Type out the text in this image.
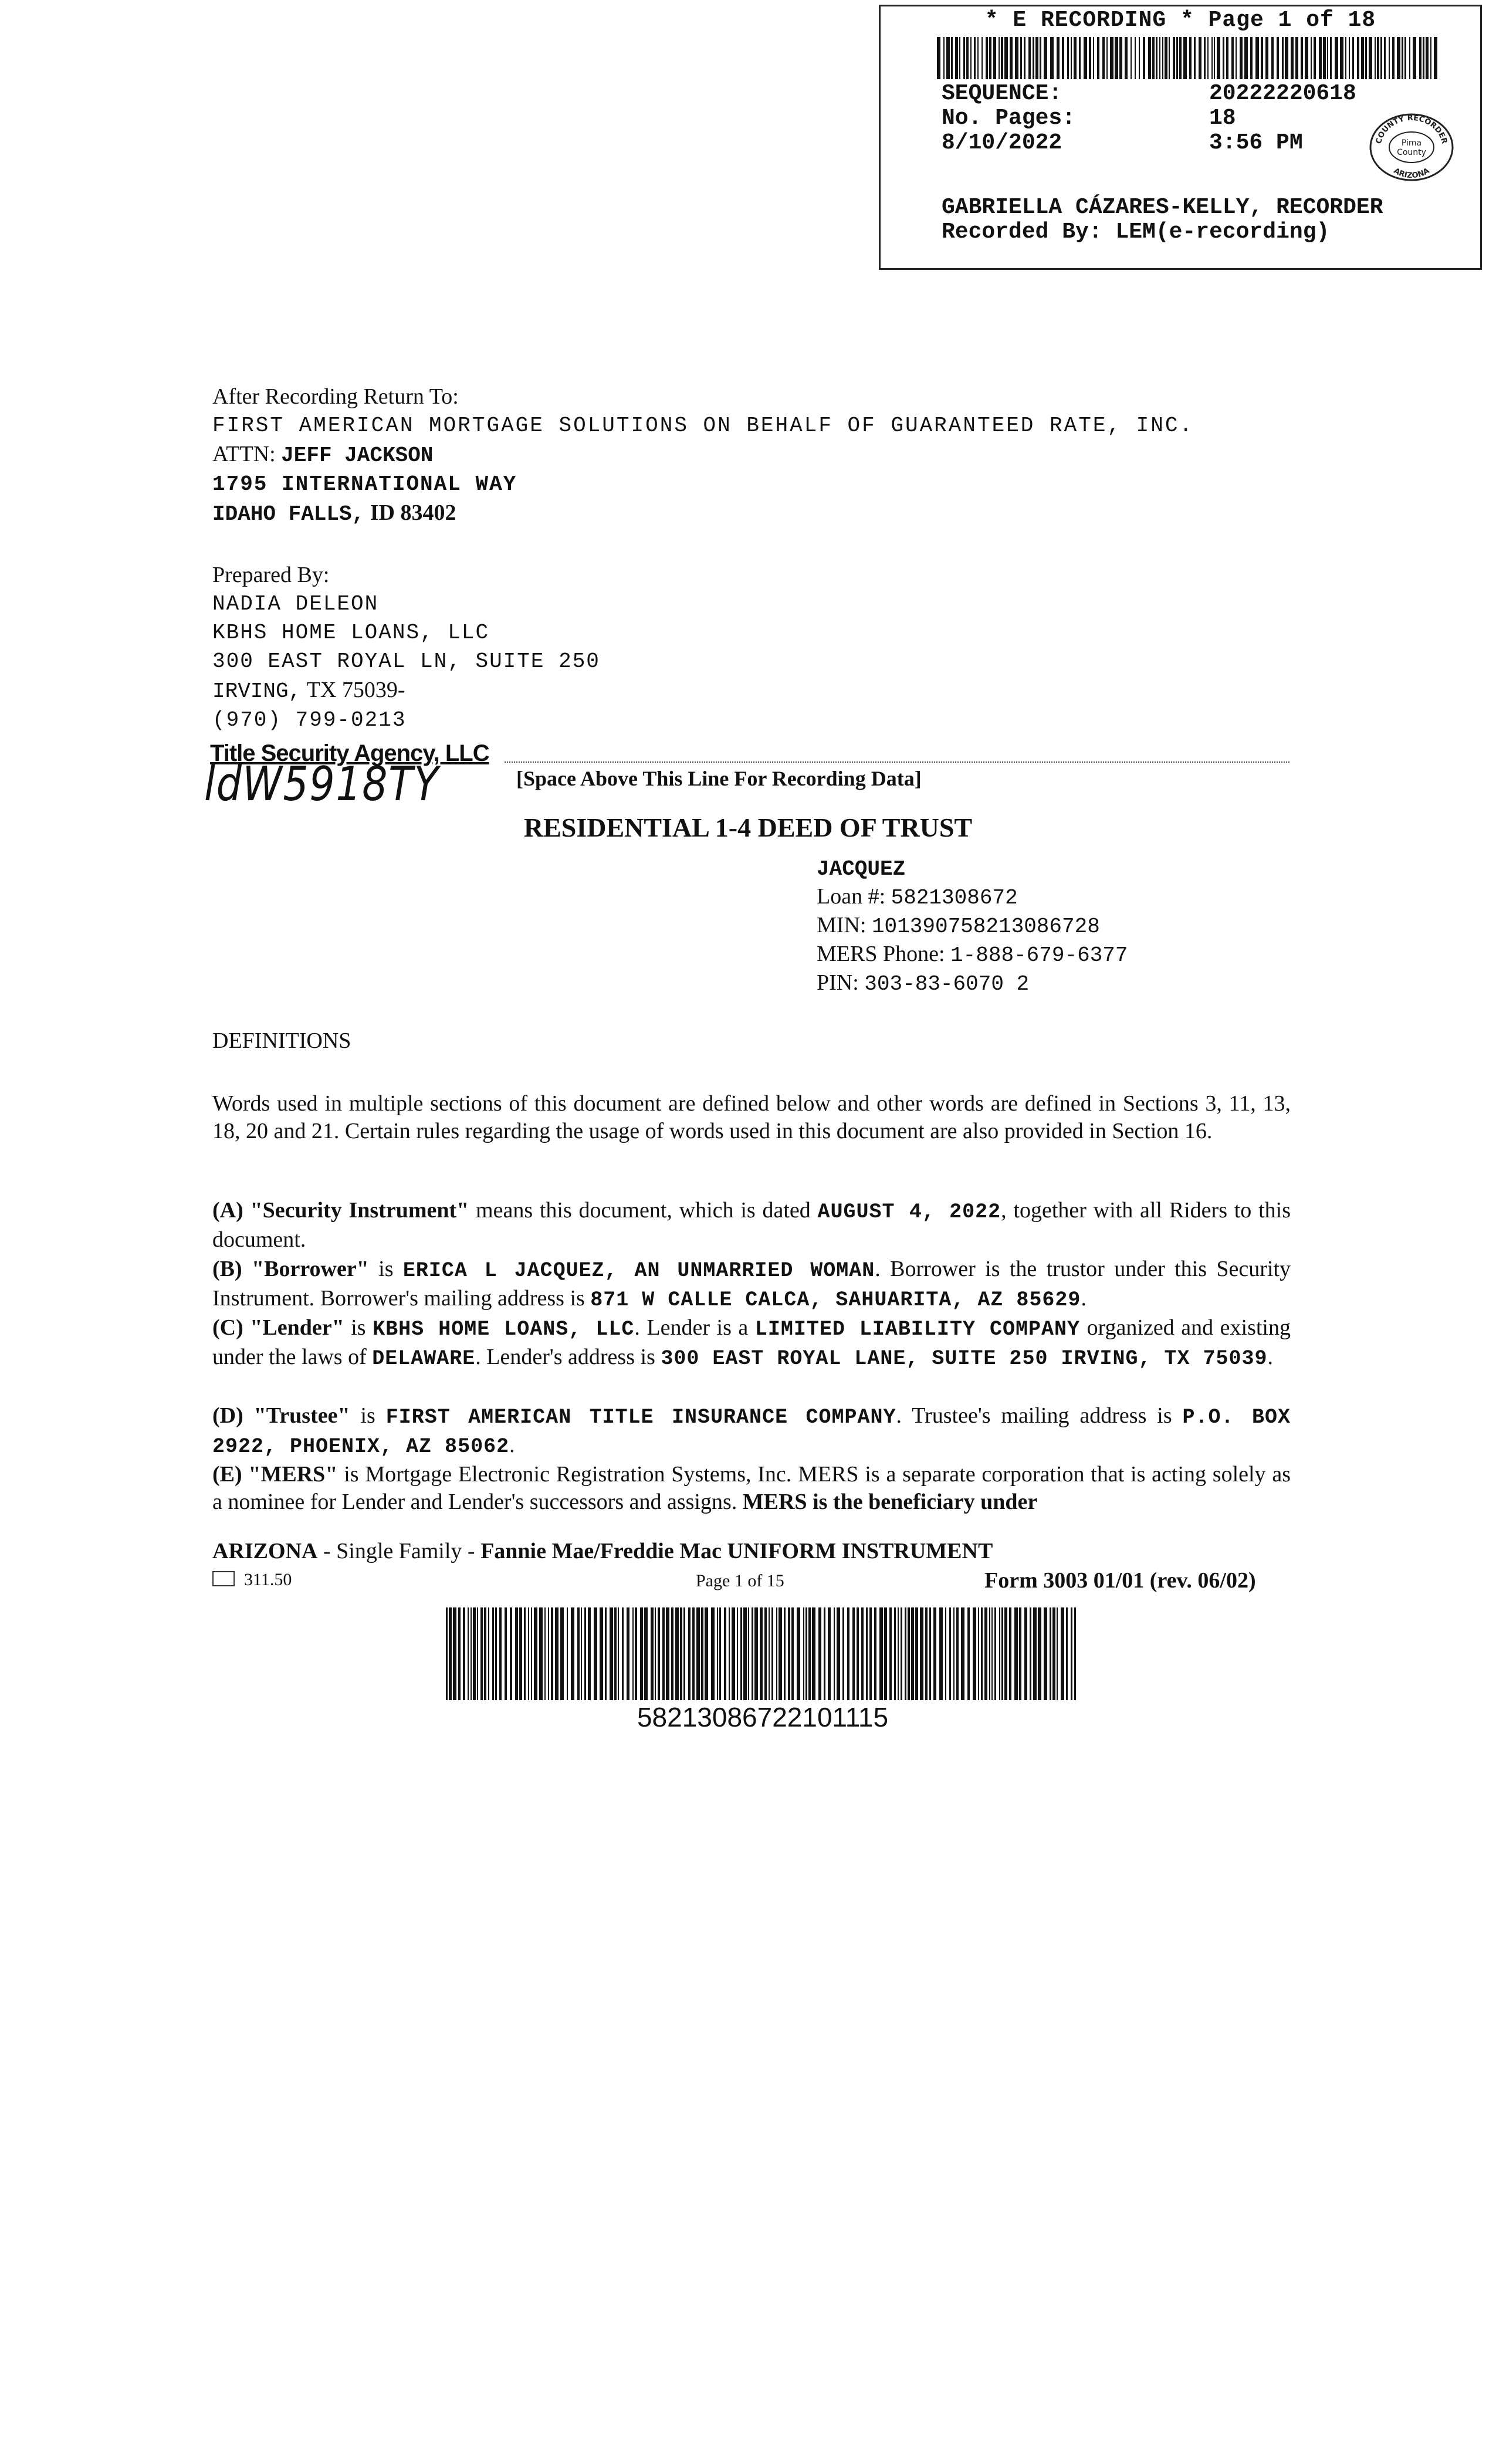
* E RECORDING * Page 1 of 18
SEQUENCE:	20222220618
No. Pages:	18
8/10/2022	3:56 PM	COUNTY RECORDER
ARIZONA
Pima
County
GABRIELLA CÁZARES-KELLY, RECORDER
Recorded By: LEM(e-recording)
After Recording Return To:
FIRST AMERICAN MORTGAGE SOLUTIONS ON BEHALF OF GUARANTEED RATE, INC.
ATTN: JEFF JACKSON
1795 INTERNATIONAL WAY
IDAHO FALLS, ID 83402
Prepared By:
NADIA DELEON
KBHS HOME LOANS, LLC
300 EAST ROYAL LN, SUITE 250
IRVING, TX 75039-
(970) 799-0213
Title Security Agency, LLC
ldW5918TY	[Space Above This Line For Recording Data]
RESIDENTIAL 1-4 DEED OF TRUST
JACQUEZ
Loan #: 5821308672
MIN: 101390758213086728
MERS Phone: 1-888-679-6377
PIN: 303-83-6070 2
DEFINITIONS
Words used in multiple sections of this document are defined below and other words are defined in Sections 3, 11, 13, 18, 20 and 21. Certain rules regarding the usage of words used in this document are also provided in Section 16.
(A) "Security Instrument" means this document, which is dated AUGUST 4, 2022, together with all Riders to this document.
(B) "Borrower" is ERICA L JACQUEZ, AN UNMARRIED WOMAN. Borrower is the trustor under this Security Instrument. Borrower's mailing address is 871 W CALLE CALCA, SAHUARITA, AZ 85629.
(C) "Lender" is KBHS HOME LOANS, LLC. Lender is a LIMITED LIABILITY COMPANY organized and existing under the laws of DELAWARE. Lender's address is 300 EAST ROYAL LANE, SUITE 250 IRVING, TX 75039.
(D) "Trustee" is FIRST AMERICAN TITLE INSURANCE COMPANY. Trustee's mailing address is P.O. BOX 2922, PHOENIX, AZ 85062.
(E) "MERS" is Mortgage Electronic Registration Systems, Inc. MERS is a separate corporation that is acting solely as a nominee for Lender and Lender's successors and assigns. MERS is the beneficiary under
ARIZONA - Single Family - Fannie Mae/Freddie Mac UNIFORM INSTRUMENT
311.50	Page 1 of 15	Form 3003 01/01 (rev. 06/02)
58213086722101115
